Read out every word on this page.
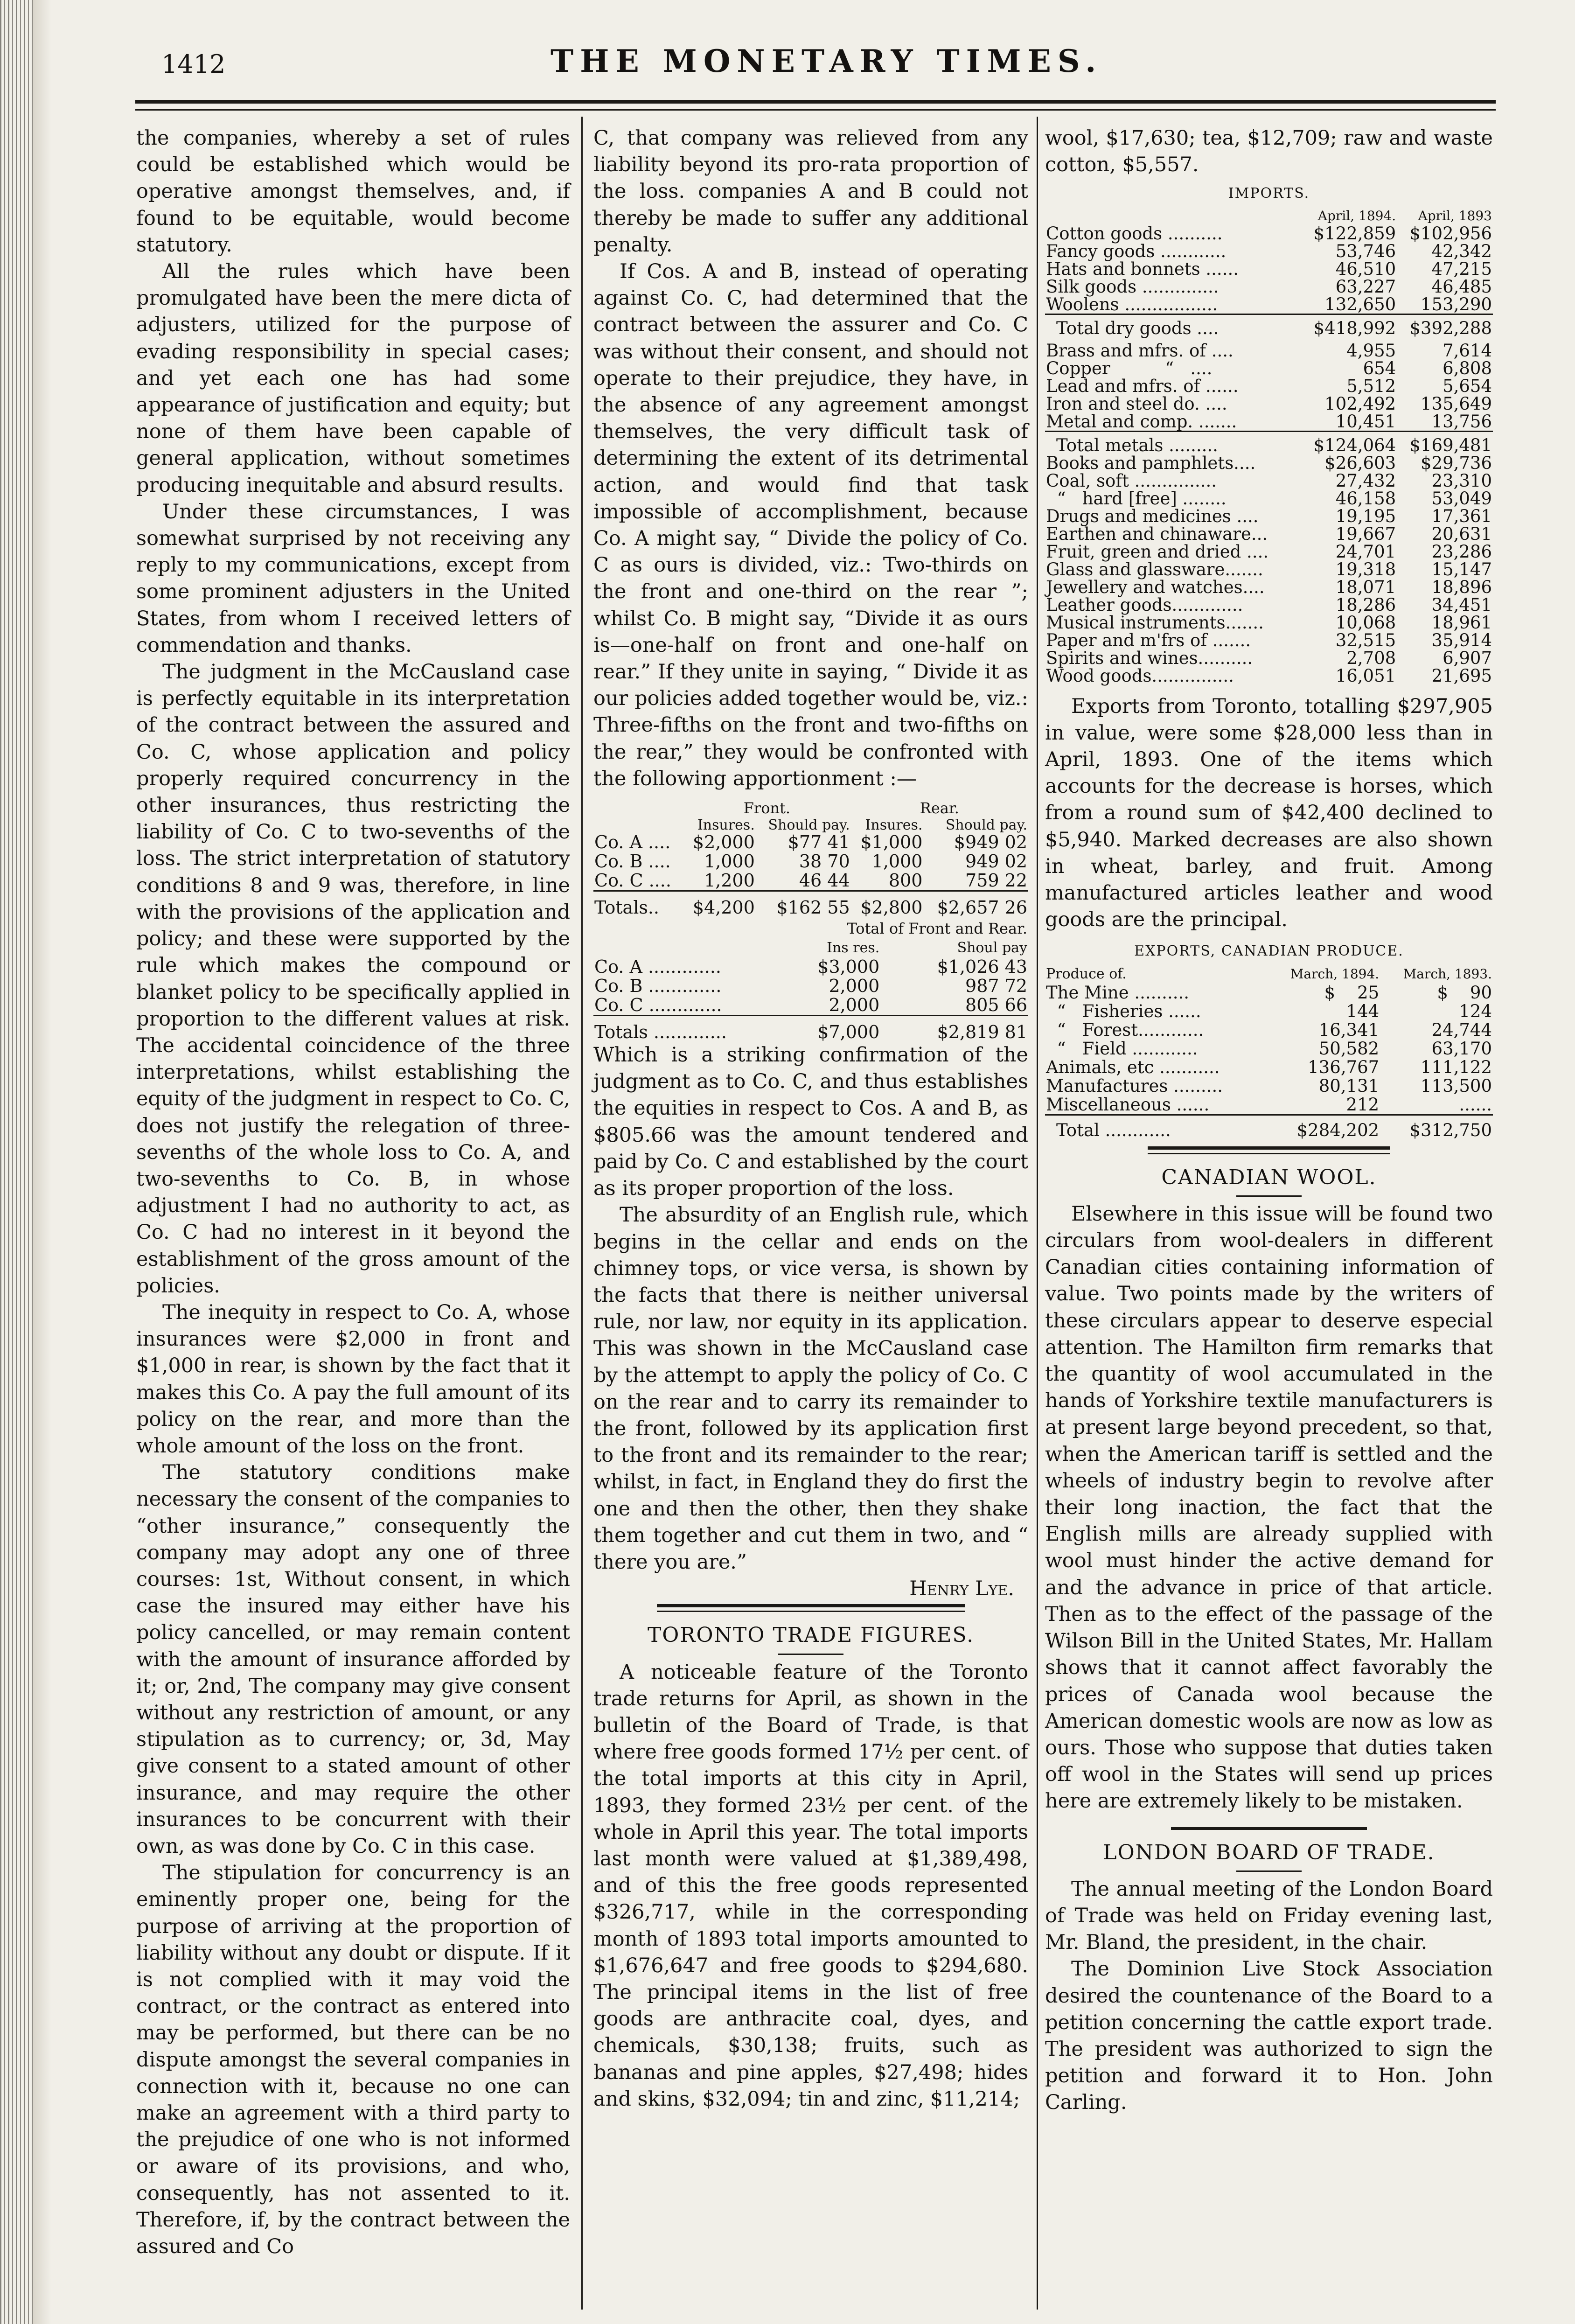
1412	THE MONETARY TIMES.

the companies, whereby a set of rules could be established which would be operative amongst themselves, and, if found to be equitable, would become statutory.

All the rules which have been promulgated have been the mere dicta of adjusters, utilized for the purpose of evading responsibility in special cases; and yet each one has had some appearance of justification and equity; but none of them have been capable of general application, without sometimes producing inequitable and absurd results.

Under these circumstances, I was somewhat surprised by not receiving any reply to my communications, except from some prominent adjusters in the United States, from whom I received letters of commendation and thanks.

The judgment in the McCausland case is perfectly equitable in its interpretation of the contract between the assured and Co. C, whose application and policy properly required concurrency in the other insurances, thus restricting the liability of Co. C to two-sevenths of the loss. The strict interpretation of statutory conditions 8 and 9 was, therefore, in line with the provisions of the application and policy; and these were supported by the rule which makes the compound or blanket policy to be specifically applied in proportion to the different values at risk. The accidental coincidence of the three interpretations, whilst establishing the equity of the judgment in respect to Co. C, does not justify the relegation of three-sevenths of the whole loss to Co. A, and two-sevenths to Co. B, in whose adjustment I had no authority to act, as Co. C had no interest in it beyond the establishment of the gross amount of the policies.

The inequity in respect to Co. A, whose insurances were $2,000 in front and $1,000 in rear, is shown by the fact that it makes this Co. A pay the full amount of its policy on the rear, and more than the whole amount of the loss on the front.

The statutory conditions make necessary the consent of the companies to “other insurance,” consequently the company may adopt any one of three courses: 1st, Without consent, in which case the insured may either have his policy cancelled, or may remain content with the amount of insurance afforded by it; or, 2nd, The company may give consent without any restriction of amount, or any stipulation as to currency; or, 3d, May give consent to a stated amount of other insurance, and may require the other insurances to be concurrent with their own, as was done by Co. C in this case.

The stipulation for concurrency is an eminently proper one, being for the purpose of arriving at the proportion of liability without any doubt or dispute. If it is not complied with it may void the contract, or the contract as entered into may be performed, but there can be no dispute amongst the several companies in connection with it, because no one can make an agreement with a third party to the prejudice of one who is not informed or aware of its provisions, and who, consequently, has not assented to it. Therefore, if, by the contract between the assured and Co

C, that company was relieved from any liability beyond its pro-rata proportion of the loss. companies A and B could not thereby be made to suffer any additional penalty.

If Cos. A and B, instead of operating against Co. C, had determined that the contract between the assurer and Co. C was without their consent, and should not operate to their prejudice, they have, in the absence of any agreement amongst themselves, the very difficult task of determining the extent of its detrimental action, and would find that task impossible of accomplishment, because Co. A might say, “ Divide the policy of Co. C as ours is divided, viz.: Two-thirds on the front and one-third on the rear ”; whilst Co. B might say, “Divide it as ours is—one-half on front and one-half on rear.” If they unite in saying, “ Divide it as our policies added together would be, viz.: Three-fifths on the front and two-fifths on the rear,” they would be confronted with the following apportionment :—

	Front.		Rear.	
	Insures.	Should pay.	Insures.	Should pay.
Co. A ....	$2,000	$77 41	$1,000	$949 02
Co. B ....	1,000	38 70	1,000	949 02
Co. C ....	1,200	46 44	800	759 22
Totals..	$4,200	$162 55	$2,800	$2,657 26
	Total of Front and Rear.	
	Ins res.	Shoul pay
Co. A .............	$3,000	$1,026 43
Co. B .............	2,000	987 72
Co. C .............	2,000	805 66
Totals .............	$7,000	$2,819 81

Which is a striking confirmation of the judgment as to Co. C, and thus establishes the equities in respect to Cos. A and B, as $805.66 was the amount tendered and paid by Co. C and established by the court as its proper proportion of the loss.

The absurdity of an English rule, which begins in the cellar and ends on the chimney tops, or vice versa, is shown by the facts that there is neither universal rule, nor law, nor equity in its application. This was shown in the McCausland case by the attempt to apply the policy of Co. C on the rear and to carry its remainder to the front, followed by its application first to the front and its remainder to the rear; whilst, in fact, in England they do first the one and then the other, then they shake them together and cut them in two, and “ there you are.”

Henry Lye.

TORONTO TRADE FIGURES.

A noticeable feature of the Toronto trade returns for April, as shown in the bulletin of the Board of Trade, is that where free goods formed 17½ per cent. of the total imports at this city in April, 1893, they formed 23½ per cent. of the whole in April this year. The total imports last month were valued at $1,389,498, and of this the free goods represented $326,717, while in the corresponding month of 1893 total imports amounted to $1,676,647 and free goods to $294,680. The principal items in the list of free goods are anthracite coal, dyes, and chemicals, $30,138; fruits, such as bananas and pine apples, $27,498; hides and skins, $32,094; tin and zinc, $11,214;

wool, $17,630; tea, $12,709; raw and waste cotton, $5,557.

IMPORTS.
	April, 1894.	April, 1893
Cotton goods ..........	$122,859	$102,956
Fancy goods ............	53,746	42,342
Hats and bonnets ......	46,510	47,215
Silk goods ..............	63,227	46,485
Woolens .................	132,650	153,290
Total dry goods ....	$418,992	$392,288
Brass and mfrs. of ....	4,955	7,614
Copper          “   ....	654	6,808
Lead and mfrs. of ......	5,512	5,654
Iron and steel do. ....	102,492	135,649
Metal and comp. .......	10,451	13,756
Total metals .........	$124,064	$169,481
Books and pamphlets....	$26,603	$29,736
Coal, soft ...............	27,432	23,310
“   hard [free] ........	46,158	53,049
Drugs and medicines ....	19,195	17,361
Earthen and chinaware...	19,667	20,631
Fruit, green and dried ....	24,701	23,286
Glass and glassware.......	19,318	15,147
Jewellery and watches....	18,071	18,896
Leather goods.............	18,286	34,451
Musical instruments.......	10,068	18,961
Paper and m'frs of .......	32,515	35,914
Spirits and wines..........	2,708	6,907
Wood goods...............	16,051	21,695

Exports from Toronto, totalling $297,905 in value, were some $28,000 less than in April, 1893. One of the items which accounts for the decrease is horses, which from a round sum of $42,400 declined to $5,940. Marked decreases are also shown in wheat, barley, and fruit. Among manufactured articles leather and wood goods are the principal.

EXPORTS, CANADIAN PRODUCE.
Produce of.	March, 1894.	March, 1893.
The Mine ..........	$    25	$    90
“   Fisheries ......	144	124
“   Forest............	16,341	24,744
“   Field ............	50,582	63,170
Animals, etc ...........	136,767	111,122
Manufactures .........	80,131	113,500
Miscellaneous ......	212	......
Total ............	$284,202	$312,750
CANADIAN WOOL.

Elsewhere in this issue will be found two circulars from wool-dealers in different Canadian cities containing information of value. Two points made by the writers of these circulars appear to deserve especial attention. The Hamilton firm remarks that the quantity of wool accumulated in the hands of Yorkshire textile manufacturers is at present large beyond precedent, so that, when the American tariff is settled and the wheels of industry begin to revolve after their long inaction, the fact that the English mills are already supplied with wool must hinder the active demand for and the advance in price of that article. Then as to the effect of the passage of the Wilson Bill in the United States, Mr. Hallam shows that it cannot affect favorably the prices of Canada wool because the American domestic wools are now as low as ours. Those who suppose that duties taken off wool in the States will send up prices here are extremely likely to be mistaken.

LONDON BOARD OF TRADE.

The annual meeting of the London Board of Trade was held on Friday evening last, Mr. Bland, the president, in the chair.

The Dominion Live Stock Association desired the countenance of the Board to a petition concerning the cattle export trade. The president was authorized to sign the petition and forward it to Hon. John Carling.
